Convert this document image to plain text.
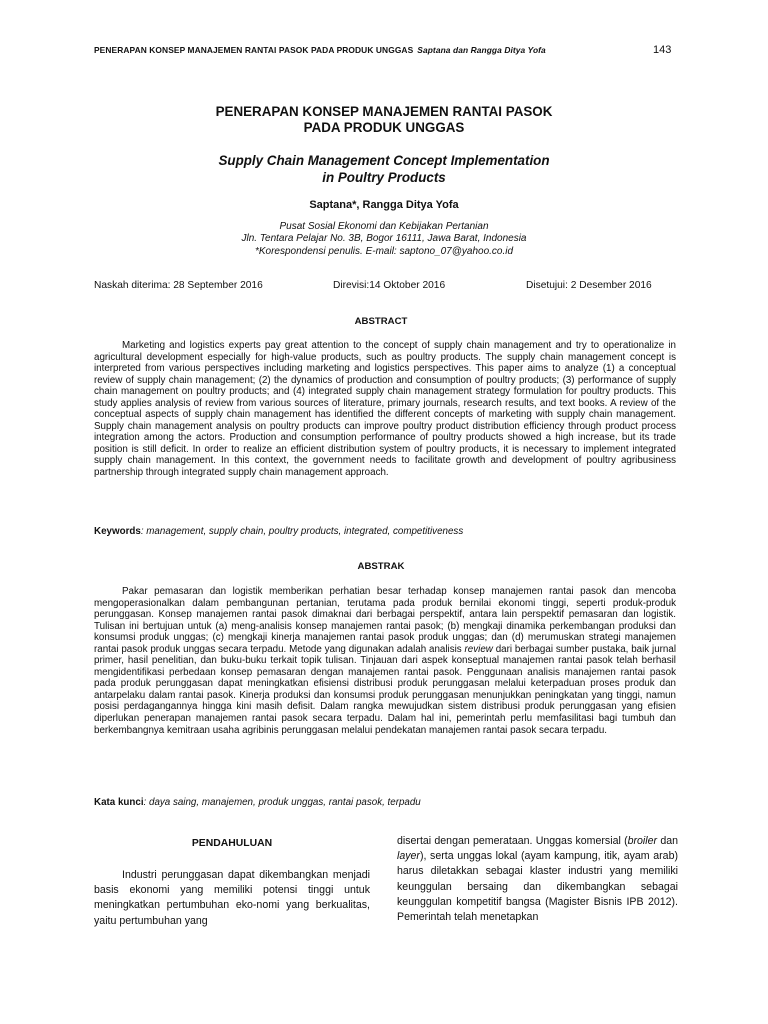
PENERAPAN KONSEP MANAJEMEN RANTAI PASOK PADA PRODUK UNGGAS Saptana dan Rangga Ditya Yofa	143
PENERAPAN KONSEP MANAJEMEN RANTAI PASOK
PADA PRODUK UNGGAS
Supply Chain Management Concept Implementation
in Poultry Products
Saptana*, Rangga Ditya Yofa
Pusat Sosial Ekonomi dan Kebijakan Pertanian
Jln. Tentara Pelajar No. 3B, Bogor 16111, Jawa Barat, Indonesia
*Korespondensi penulis. E-mail: saptono_07@yahoo.co.id
Naskah diterima: 28 September 2016	Direvisi:14 Oktober 2016	Disetujui: 2 Desember 2016
ABSTRACT
Marketing and logistics experts pay great attention to the concept of supply chain management and try to operationalize in agricultural development especially for high-value products, such as poultry products. The supply chain management concept is interpreted from various perspectives including marketing and logistics perspectives. This paper aims to analyze (1) a conceptual review of supply chain management; (2) the dynamics of production and consumption of poultry products; (3) performance of supply chain management on poultry products; and (4) integrated supply chain management strategy formulation for poultry products. This study applies analysis of review from various sources of literature, primary journals, research results, and text books. A review of the conceptual aspects of supply chain management has identified the different concepts of marketing with supply chain management. Supply chain management analysis on poultry products can improve poultry product distribution efficiency through product process integration among the actors. Production and consumption performance of poultry products showed a high increase, but its trade position is still deficit. In order to realize an efficient distribution system of poultry products, it is necessary to implement integrated supply chain management. In this context, the government needs to facilitate growth and development of poultry agribusiness partnership through integrated supply chain management approach.
Keywords: management, supply chain, poultry products, integrated, competitiveness
ABSTRAK
Pakar pemasaran dan logistik memberikan perhatian besar terhadap konsep manajemen rantai pasok dan mencoba mengoperasionalkan dalam pembangunan pertanian, terutama pada produk bernilai ekonomi tinggi, seperti produk-produk perunggasan. Konsep manajemen rantai pasok dimaknai dari berbagai perspektif, antara lain perspektif pemasaran dan logistik. Tulisan ini bertujuan untuk (a) meng-analisis konsep manajemen rantai pasok; (b) mengkaji dinamika perkembangan produksi dan konsumsi produk unggas; (c) mengkaji kinerja manajemen rantai pasok produk unggas; dan (d) merumuskan strategi manajemen rantai pasok produk unggas secara terpadu. Metode yang digunakan adalah analisis review dari berbagai sumber pustaka, baik jurnal primer, hasil penelitian, dan buku-buku terkait topik tulisan. Tinjauan dari aspek konseptual manajemen rantai pasok telah berhasil mengidentifikasi perbedaan konsep pemasaran dengan manajemen rantai pasok. Penggunaan analisis manajemen rantai pasok pada produk perunggasan dapat meningkatkan efisiensi distribusi produk perunggasan melalui keterpaduan proses produk dan antarpelaku dalam rantai pasok. Kinerja produksi dan konsumsi produk perunggasan menunjukkan peningkatan yang tinggi, namun posisi perdagangannya hingga kini masih defisit. Dalam rangka mewujudkan sistem distribusi produk perunggasan yang efisien diperlukan penerapan manajemen rantai pasok secara terpadu. Dalam hal ini, pemerintah perlu memfasilitasi bagi tumbuh dan berkembangnya kemitraan usaha agribinis perunggasan melalui pendekatan manajemen rantai pasok secara terpadu.
Kata kunci: daya saing, manajemen, produk unggas, rantai pasok, terpadu
PENDAHULUAN
Industri perunggasan dapat dikembangkan menjadi basis ekonomi yang memiliki potensi tinggi untuk meningkatkan pertumbuhan eko-nomi yang berkualitas, yaitu pertumbuhan yang
disertai dengan pemerataan. Unggas komersial (broiler dan layer), serta unggas lokal (ayam kampung, itik, ayam arab) harus diletakkan sebagai klaster industri yang memiliki keunggulan bersaing dan dikembangkan sebagai keunggulan kompetitif bangsa (Magister Bisnis IPB 2012). Pemerintah telah menetapkan
